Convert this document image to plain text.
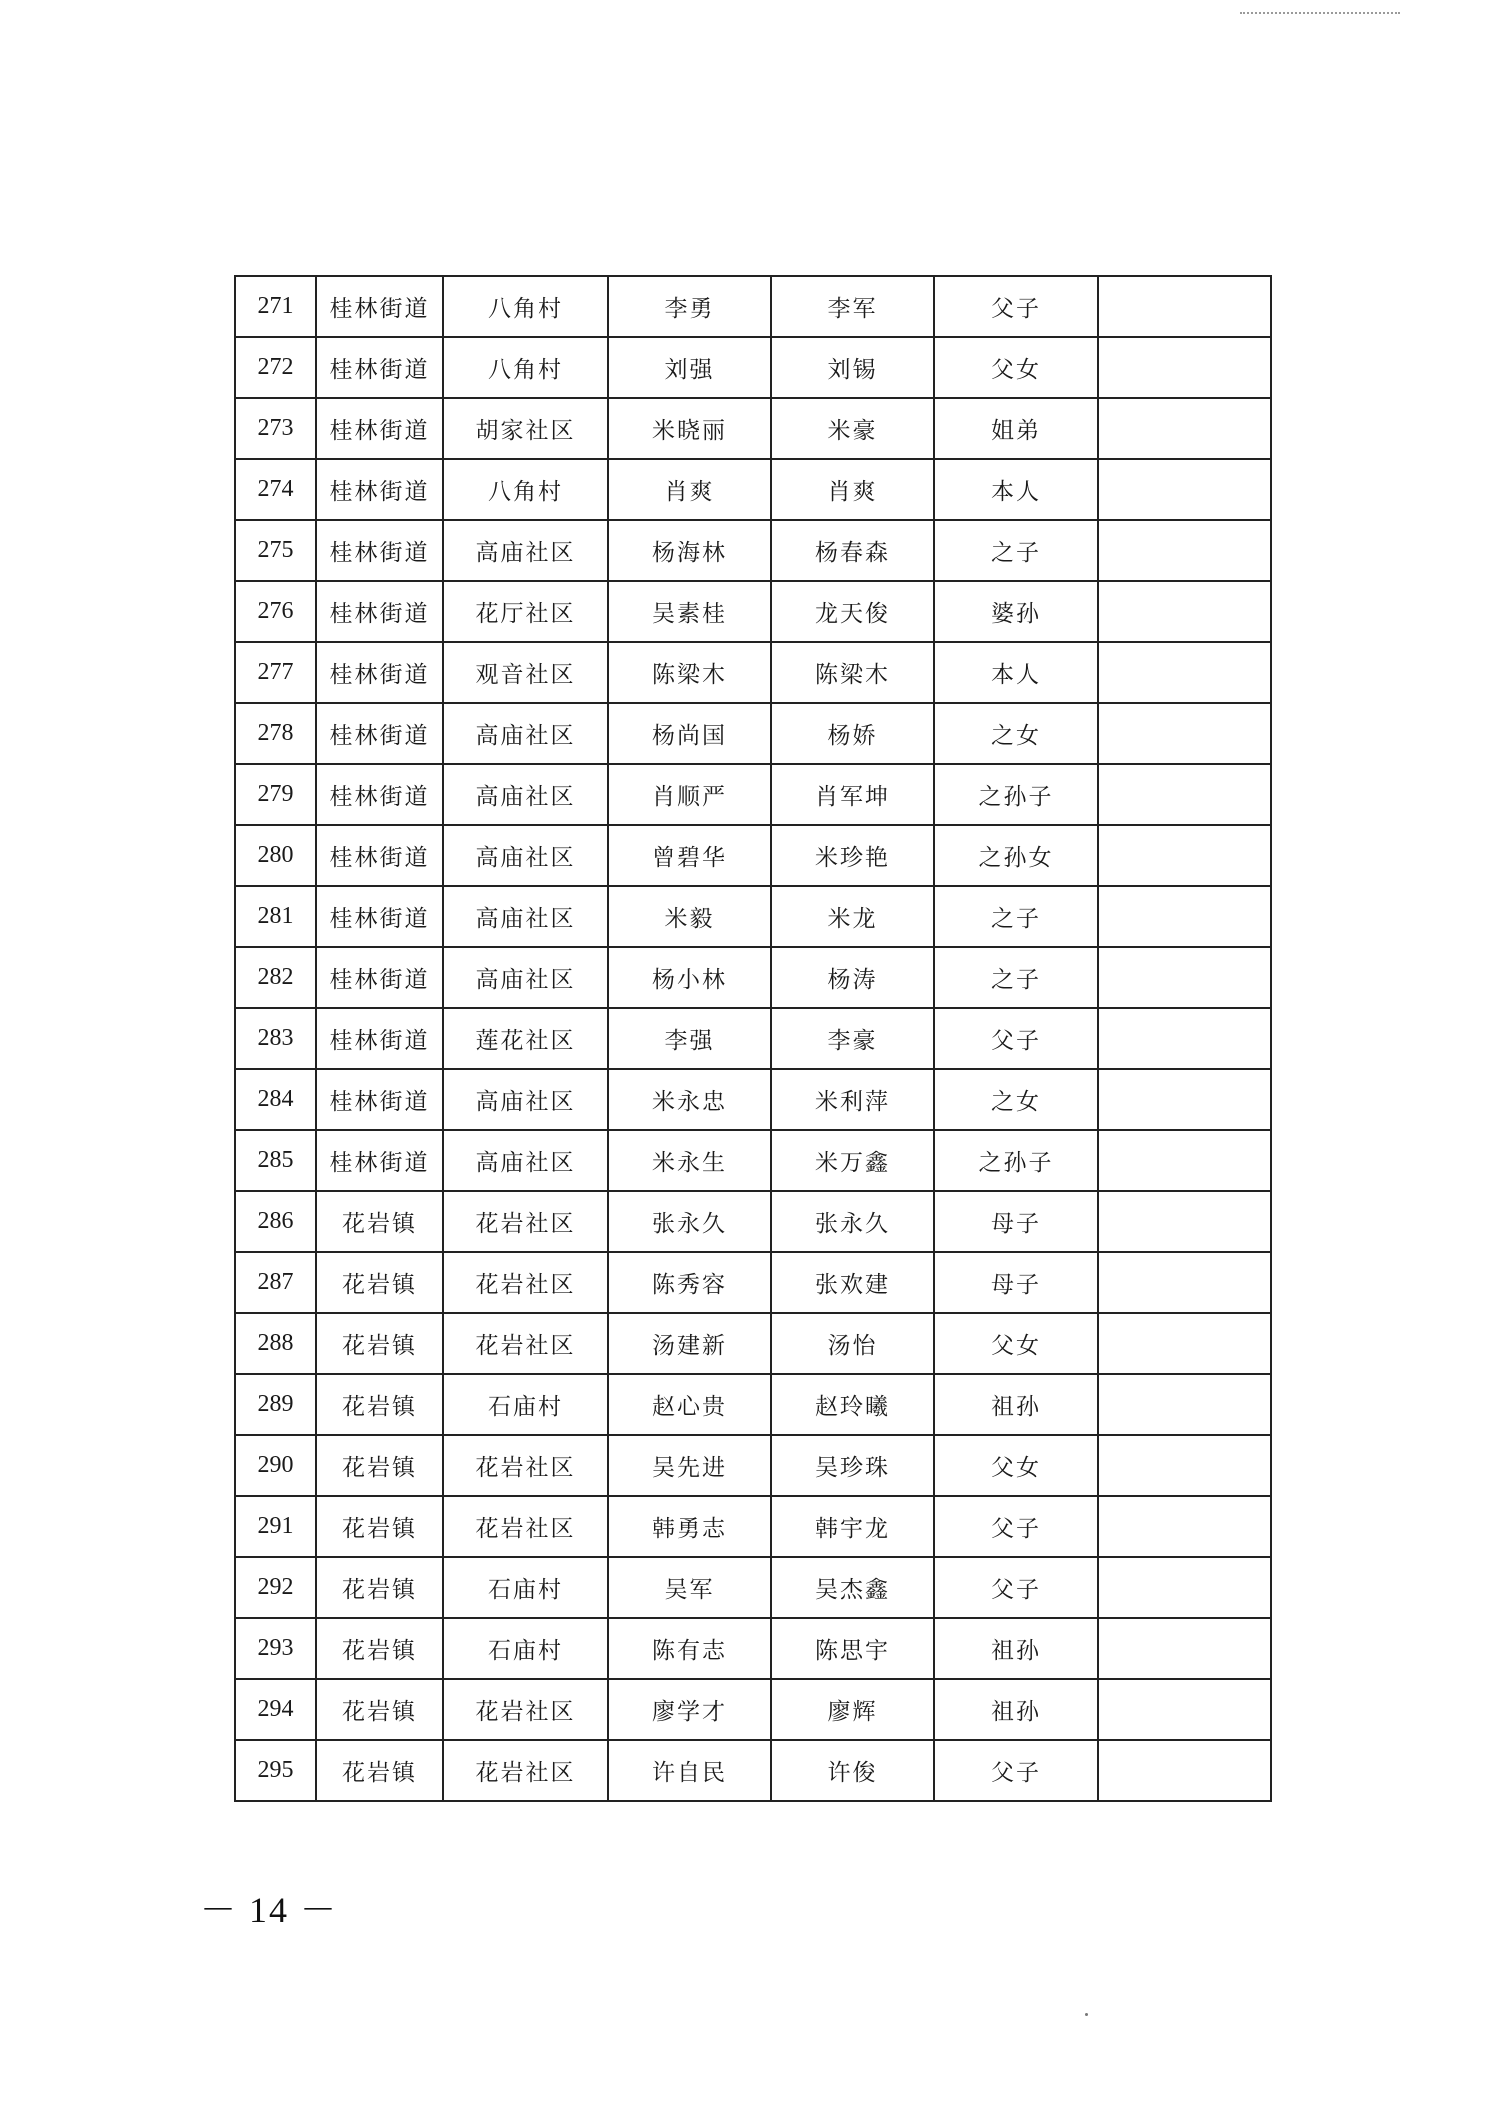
271	桂林街道	八角村	李勇	李军	父子	
272	桂林街道	八角村	刘强	刘锡	父女	
273	桂林街道	胡家社区	米晓丽	米豪	姐弟	
274	桂林街道	八角村	肖爽	肖爽	本人	
275	桂林街道	高庙社区	杨海林	杨春森	之子	
276	桂林街道	花厅社区	吴素桂	龙天俊	婆孙	
277	桂林街道	观音社区	陈梁木	陈梁木	本人	
278	桂林街道	高庙社区	杨尚国	杨娇	之女	
279	桂林街道	高庙社区	肖顺严	肖军坤	之孙子	
280	桂林街道	高庙社区	曾碧华	米珍艳	之孙女	
281	桂林街道	高庙社区	米毅	米龙	之子	
282	桂林街道	高庙社区	杨小林	杨涛	之子	
283	桂林街道	莲花社区	李强	李豪	父子	
284	桂林街道	高庙社区	米永忠	米利萍	之女	
285	桂林街道	高庙社区	米永生	米万鑫	之孙子	
286	花岩镇	花岩社区	张永久	张永久	母子	
287	花岩镇	花岩社区	陈秀容	张欢建	母子	
288	花岩镇	花岩社区	汤建新	汤怡	父女	
289	花岩镇	石庙村	赵心贵	赵玲曦	祖孙	
290	花岩镇	花岩社区	吴先进	吴珍珠	父女	
291	花岩镇	花岩社区	韩勇志	韩宇龙	父子	
292	花岩镇	石庙村	吴军	吴杰鑫	父子	
293	花岩镇	石庙村	陈有志	陈思宇	祖孙	
294	花岩镇	花岩社区	廖学才	廖辉	祖孙	
295	花岩镇	花岩社区	许自民	许俊	父子	
－ 14 －
